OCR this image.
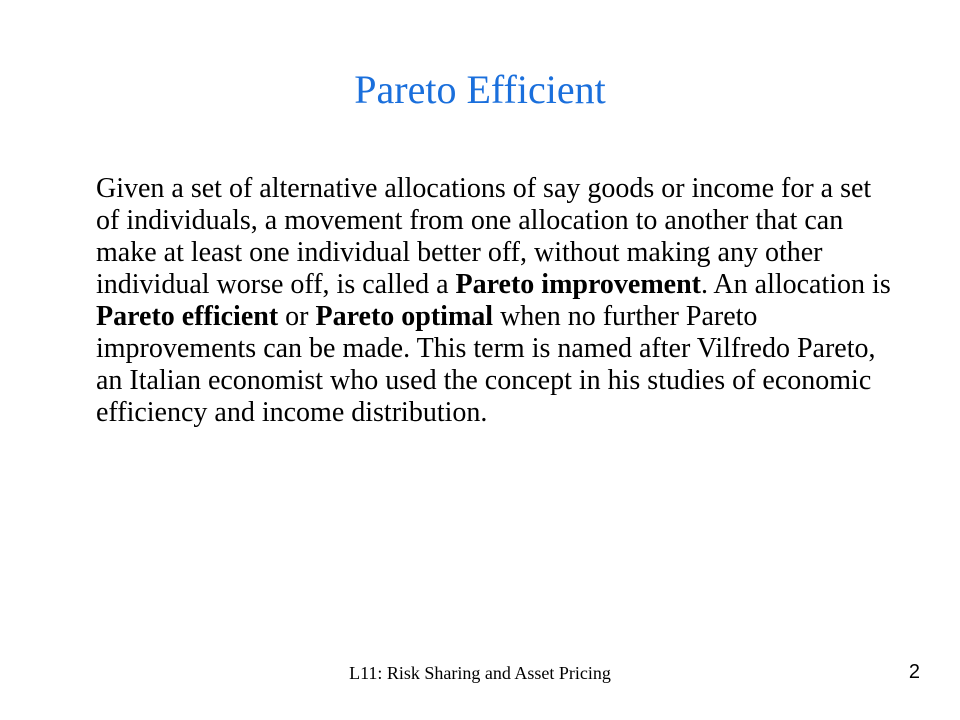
Pareto Efficient

Given a set of alternative allocations of say goods or income for a set of individuals, a movement from one allocation to another that can make at least one individual better off, without making any other individual worse off, is called a Pareto improvement. An allocation is Pareto efficient or Pareto optimal when no further Pareto improvements can be made. This term is named after Vilfredo Pareto, an Italian economist who used the concept in his studies of economic efficiency and income distribution.

L11: Risk Sharing and Asset Pricing	2
